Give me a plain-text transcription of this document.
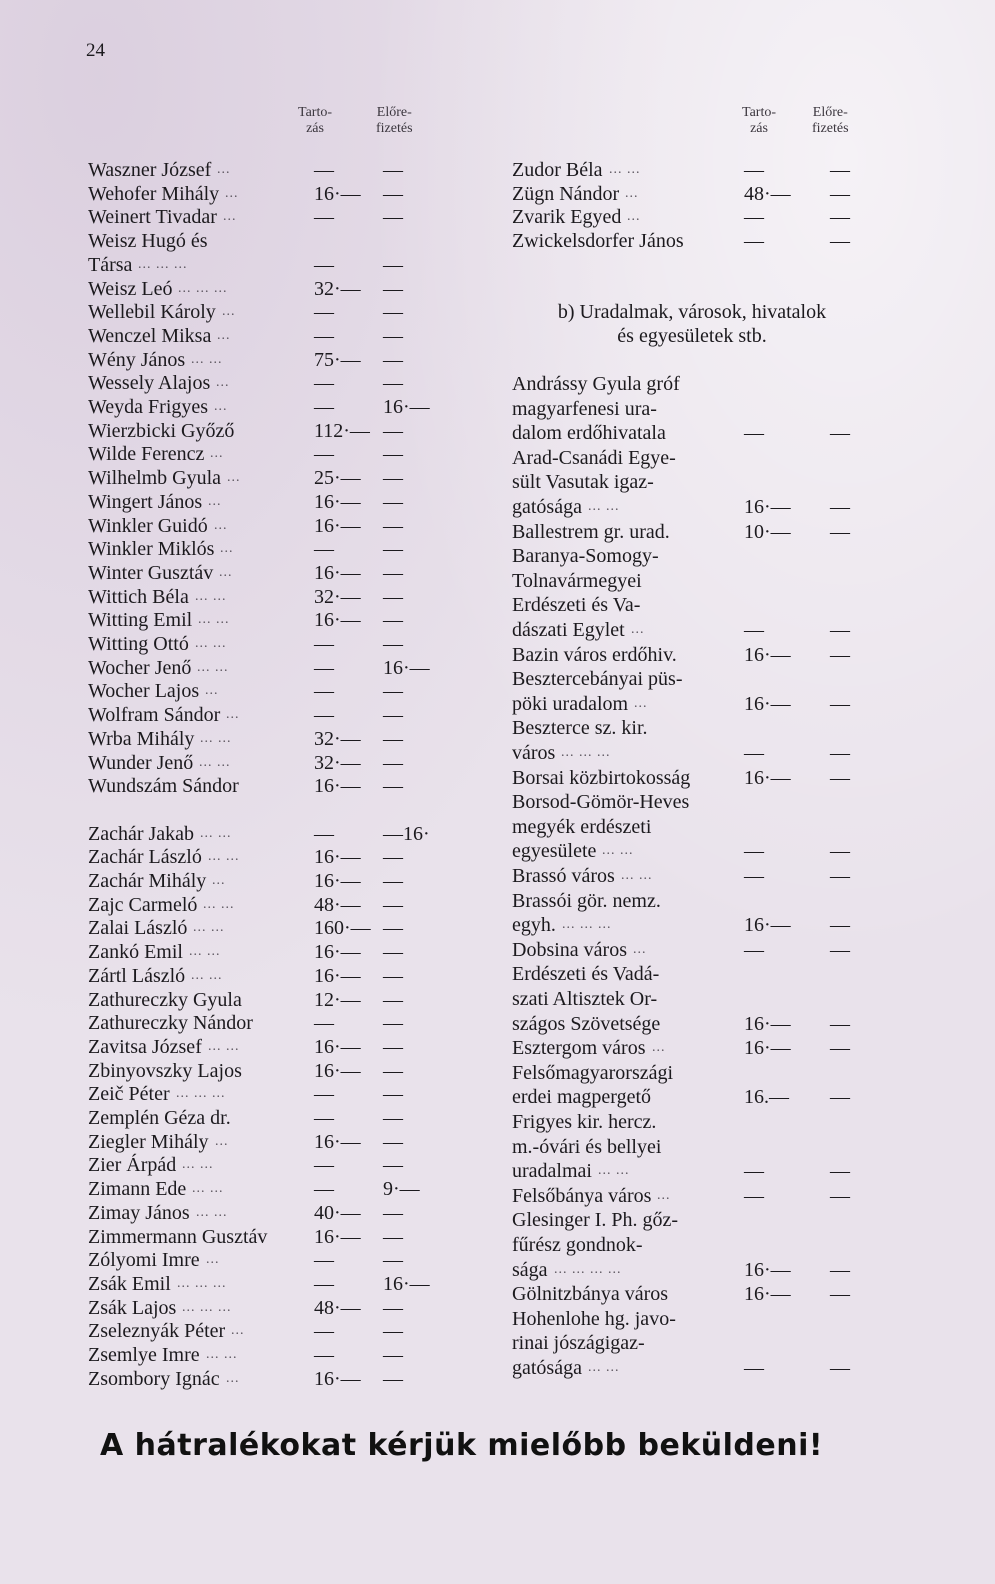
24
Tarto-
zás
Előre-
fizetés
Waszner József ...	—	—
Wehofer Mihály ...	16·—	—
Weinert Tivadar ...	—	—
Weisz Hugó és
Társa ... ... ...	—	—
Weisz Leó ... ... ...	32·—	—
Wellebil Károly ...	—	—
Wenczel Miksa ...	—	—
Wény János ... ...	75·—	—
Wessely Alajos ...	—	—
Weyda Frigyes ...	—	16·—
Wierzbicki Győző	112·— —
Wilde Ferencz ...	—	—
Wilhelmb Gyula ...	25·—	—
Wingert János ...	16·—	—
Winkler Guidó ...	16·—	—
Winkler Miklós ...	—	—
Winter Gusztáv ...	16·—	—
Wittich Béla ... ...	32·—	—
Witting Emil ... ...	16·—	—
Witting Ottó ... ...	—	—
Wocher Jenő ... ...	—	16·—
Wocher Lajos ...	—	—
Wolfram Sándor ...	—	—
Wrba Mihály ... ...	32·—	—
Wunder Jenő ... ...	32·—	—
Wundszám Sándor	16·—	—
Zachár Jakab ... ...	—	—16·
Zachár László ... ...	16·—	—
Zachár Mihály ...	16·—	—
Zajc Carmeló ... ...	48·—	—
Zalai László ... ...	160·— —
Zankó Emil ... ...	16·—	—
Zártl László ... ...	16·—	—
Zathureczky Gyula	12·—	—
Zathureczky Nándor	—	—
Zavitsa József ... ...	16·—	—
Zbinyovszky Lajos	16·—	—
Zeič Péter ... ... ...	—	—
Zemplén Géza dr.	—	—
Ziegler Mihály ...	16·—	—
Zier Árpád ... ...	—	—
Zimann Ede ... ...	—	9·—
Zimay János ... ...	40·—	—
Zimmermann Gusztáv 16·—	—
Zólyomi Imre ...	—	—
Zsák Emil ... ... ...	—	16·—
Zsák Lajos ... ... ...	48·—	—
Zseleznyák Péter ...	—	—
Zsemlye Imre ... ...	—	—
Zsombory Ignác ...	16·—	—
Tarto-
zás
Előre-
fizetés
Zudor Béla ... ...	—	—
Zügn Nándor ...	48·—	—
Zvarik Egyed ...	—	—
Zwickelsdorfer János	—	—
b) Uradalmak, városok, hivatalok
és egyesületek stb.
Andrássy Gyula gróf
magyarfenesi ura-
dalom erdőhivatala	—	—
Arad-Csanádi Egye-
sült Vasutak igaz-
gatósága ... ...	16·—	—
Ballestrem gr. urad.	10·—	—
Baranya-Somogy-
Tolnavármegyei
Erdészeti és Va-
dászati Egylet ...	—	—
Bazin város erdőhiv.	16·—	—
Besztercebányai püs-
pöki uradalom ...	16·—	—
Beszterce sz. kir.
város ... ... ...	—	—
Borsai közbirtokosság	16·—	—
Borsod-Gömör-Heves
megyék erdészeti
egyesülete ... ...	—	—
Brassó város ... ...	—	—
Brassói gör. nemz.
egyh. ... ... ...	16·—	—
Dobsina város ...	—	—
Erdészeti és Vadá-
szati Altisztek Or-
szágos Szövetsége	16·—	—
Esztergom város ...	16·—	—
Felsőmagyarországi
erdei magpergető	16.—	—
Frigyes kir. hercz.
m.-óvári és bellyei
uradalmai ... ...	—	—
Felsőbánya város ...	—	—
Glesinger I. Ph. gőz-
fűrész gondnok-
sága ... ... ... ...	16·—	—
Gölnitzbánya város	16·—	—
Hohenlohe hg. javo-
rinai jószágigaz-
gatósága ... ...	—	—
A hátralékokat kérjük mielőbb beküldeni!
